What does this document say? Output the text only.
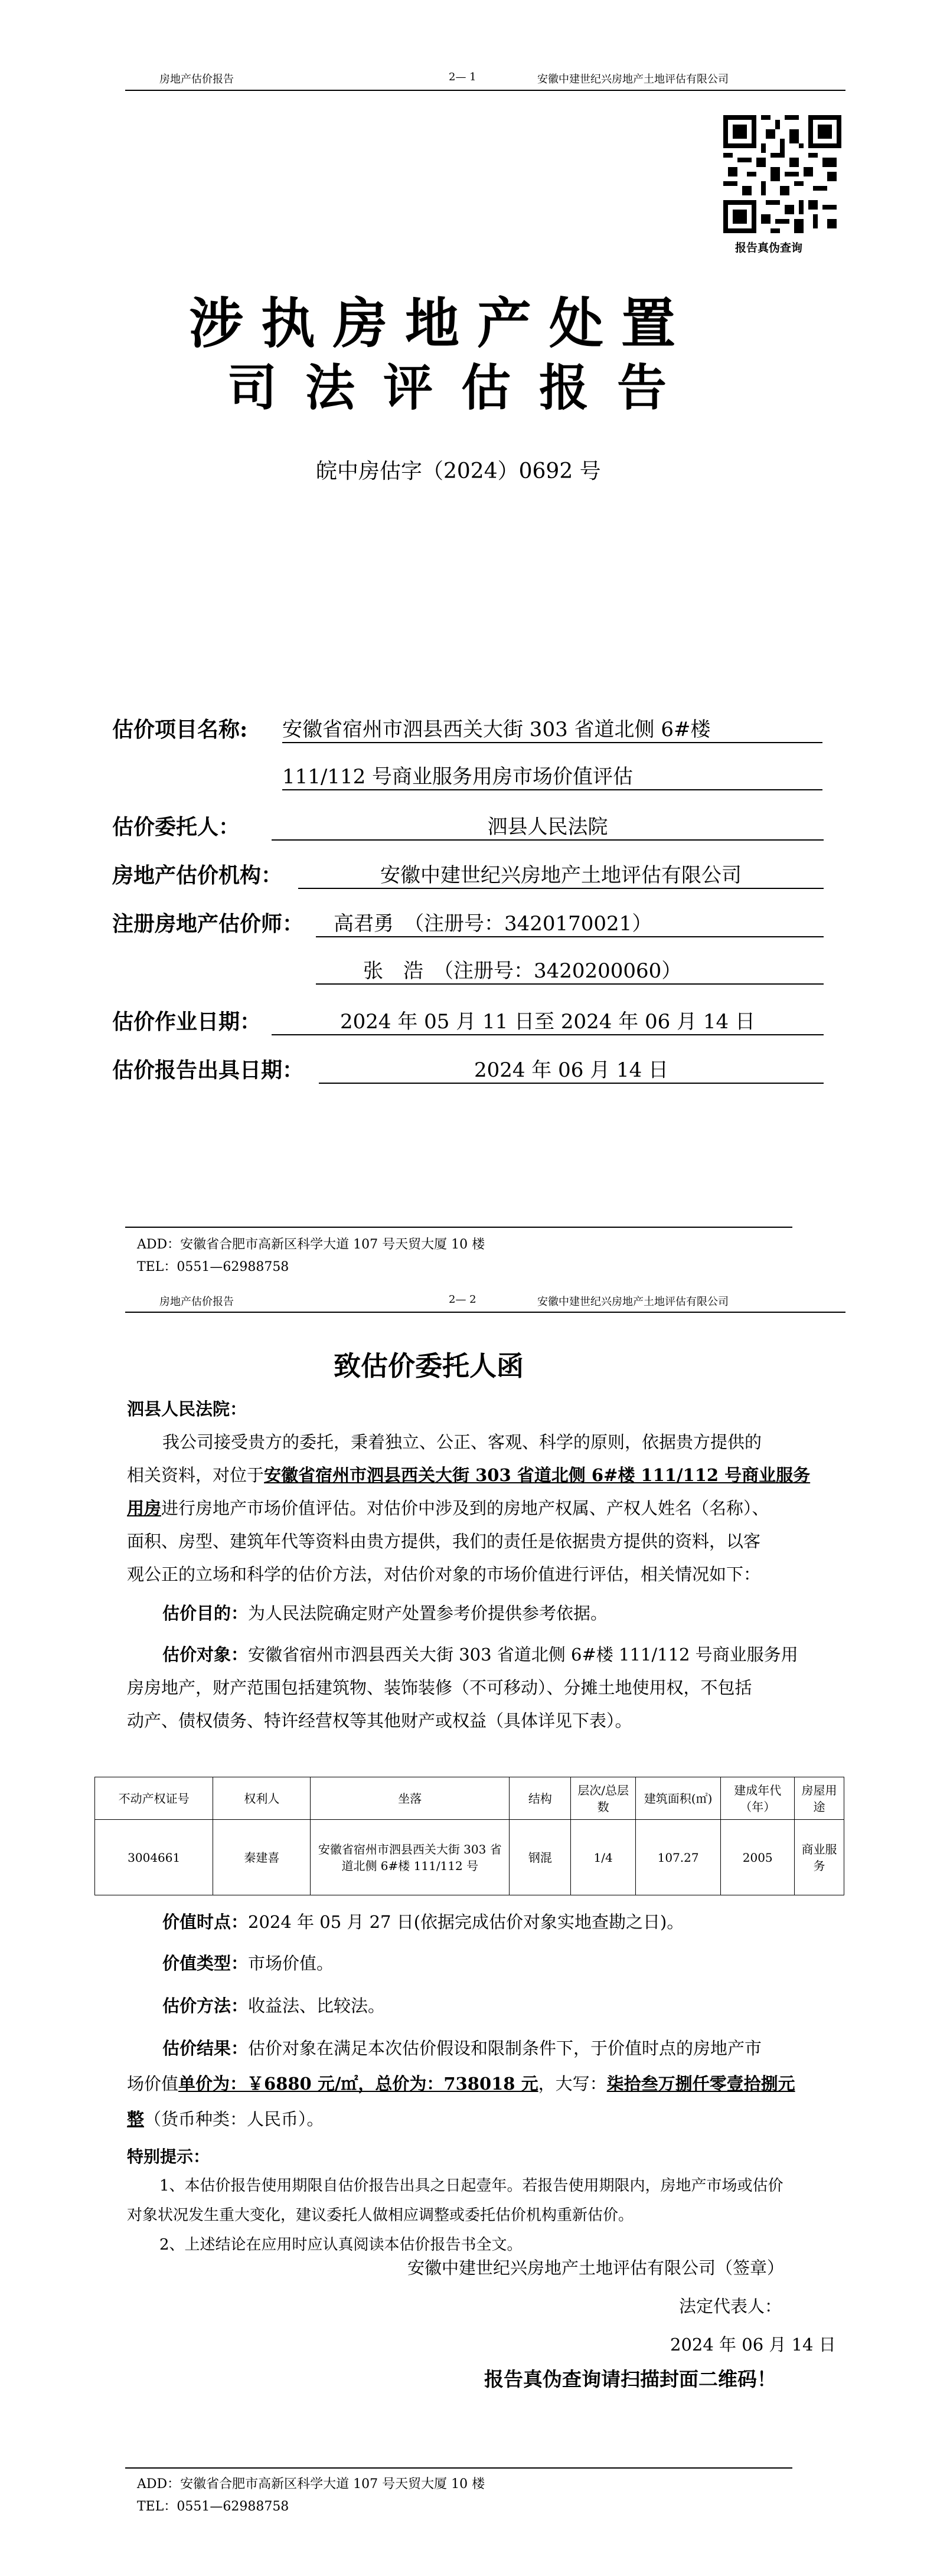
房地产估价报告	2— 1	安徽中建世纪兴房地产土地评估有限公司
报告真伪查询
涉执房地产处置
司法评估报告
皖中房估字（2024）0692 号
估价项目名称: 安徽省宿州市泗县西关大街 303 省道北侧 6#楼
111/112 号商业服务用房市场价值评估
估价委托人：	泗县人民法院
房地产估价机构：	安徽中建世纪兴房地产土地评估有限公司
注册房地产估价师：	高君勇　（注册号：3420170021）
张　浩　（注册号：3420200060）
估价作业日期：	2024 年 05 月 11 日至 2024 年 06 月 14 日
估价报告出具日期：	2024 年 06 月 14 日
ADD：安徽省合肥市高新区科学大道 107 号天贸大厦 10 楼
TEL：0551—62988758
房地产估价报告	2— 2	安徽中建世纪兴房地产土地评估有限公司
致估价委托人函
泗县人民法院：
我公司接受贵方的委托，秉着独立、公正、客观、科学的原则，依据贵方提供的
相关资料，对位于安徽省宿州市泗县西关大街 303 省道北侧 6#楼 111/112 号商业服务
用房进行房地产市场价值评估。对估价中涉及到的房地产权属、产权人姓名（名称）、
面积、房型、建筑年代等资料由贵方提供，我们的责任是依据贵方提供的资料，以客
观公正的立场和科学的估价方法，对估价对象的市场价值进行评估，相关情况如下：
估价目的：为人民法院确定财产处置参考价提供参考依据。
估价对象：安徽省宿州市泗县西关大街 303 省道北侧 6#楼 111/112 号商业服务用
房房地产，财产范围包括建筑物、装饰装修（不可移动）、分摊土地使用权，不包括
动产、债权债务、特许经营权等其他财产或权益（具体详见下表）。
不动产权证号	权利人	坐落	结构	层次/总层数	建筑面积(㎡)	建成年代（年）	房屋用途
3004661	秦建喜	安徽省宿州市泗县西关大街 303 省道北侧 6#楼 111/112 号	钢混	1/4	107.27	2005	商业服务
价值时点：2024 年 05 月 27 日(依据完成估价对象实地查勘之日)。
价值类型：市场价值。
估价方法：收益法、比较法。
估价结果：估价对象在满足本次估价假设和限制条件下，于价值时点的房地产市
场价值单价为：￥6880 元/㎡，总价为：738018 元，大写：柒拾叁万捌仟零壹拾捌元
整（货币种类：人民币）。
特别提示：
1、本估价报告使用期限自估价报告出具之日起壹年。若报告使用期限内，房地产市场或估价
对象状况发生重大变化，建议委托人做相应调整或委托估价机构重新估价。
2、上述结论在应用时应认真阅读本估价报告书全文。
安徽中建世纪兴房地产土地评估有限公司（签章）
法定代表人：
2024 年 06 月 14 日
报告真伪查询请扫描封面二维码！
ADD：安徽省合肥市高新区科学大道 107 号天贸大厦 10 楼
TEL：0551—62988758
